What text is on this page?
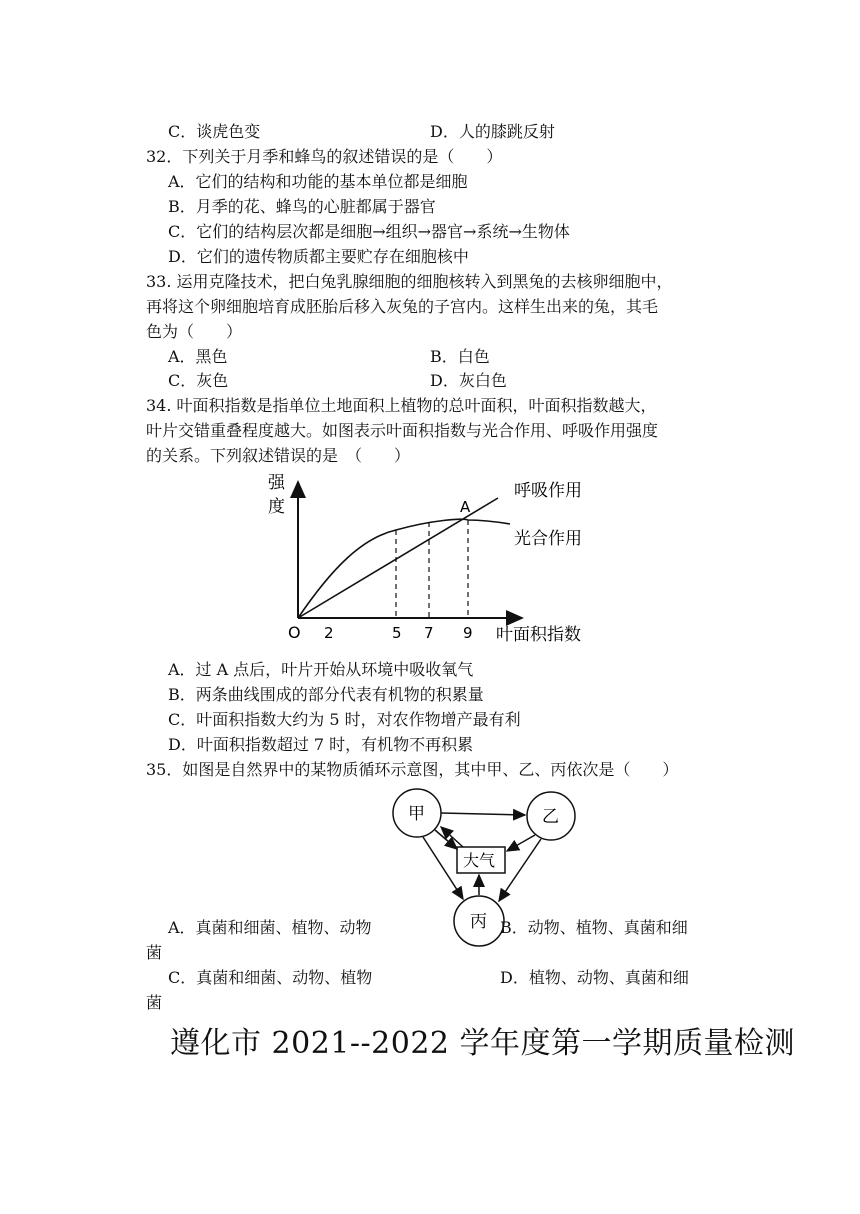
C．谈虎色变	D．人的膝跳反射
32．下列关于月季和蜂鸟的叙述错误的是（　　）
A．它们的结构和功能的基本单位都是细胞
B．月季的花、蜂鸟的心脏都属于器官
C．它们的结构层次都是细胞→组织→器官→系统→生物体
D．它们的遗传物质都主要贮存在细胞核中
33. 运用克隆技术，把白兔乳腺细胞的细胞核转入到黑兔的去核卵细胞中，
再将这个卵细胞培育成胚胎后移入灰兔的子宫内。这样生出来的兔，其毛
色为（　　）
A．黑色	B．白色
C．灰色	D．灰白色
34. 叶面积指数是指单位土地面积上植物的总叶面积，叶面积指数越大，
叶片交错重叠程度越大。如图表示叶面积指数与光合作用、呼吸作用强度
的关系。下列叙述错误的是　（　　）
强
度
O 2	5 7 9 叶面积指数
A
呼吸作用
光合作用
A．过 A 点后，叶片开始从环境中吸收氧气
B．两条曲线围成的部分代表有机物的积累量
C．叶面积指数大约为 5 时，对农作物增产最有利
D．叶面积指数超过 7 时，有机物不再积累
35．如图是自然界中的某物质循环示意图，其中甲、乙、丙依次是（　　）
甲	乙
丙
大气
A．真菌和细菌、植物、动物	B．动物、植物、真菌和细
菌
C．真菌和细菌、动物、植物	D．植物、动物、真菌和细
菌
遵化市 2021--2022 学年度第一学期质量检测
